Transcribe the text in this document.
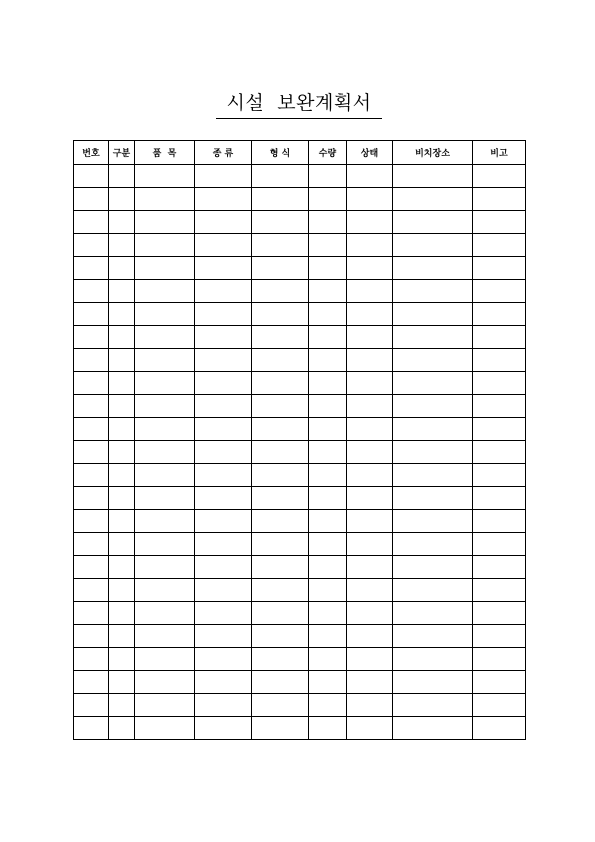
시설  보완계획서
번호	구분	품  목	종 류	형 식	수량	상태	비치장소	비고
